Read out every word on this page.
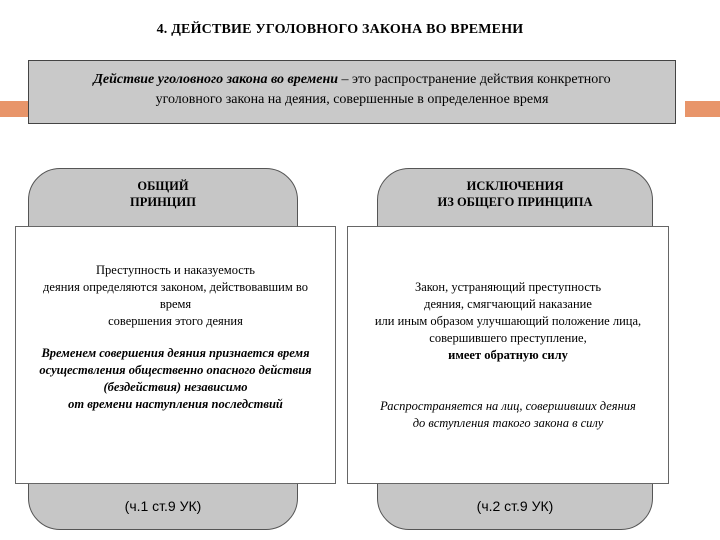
4. ДЕЙСТВИЕ УГОЛОВНОГО ЗАКОНА ВО ВРЕМЕНИ
Действие уголовного закона во времени – это распространение действия конкретного
уголовного закона на деяния, совершенные в определенное время
ОБЩИЙ
ПРИНЦИП
ИСКЛЮЧЕНИЯ
ИЗ ОБЩЕГО ПРИНЦИПА
Преступность и наказуемость
деяния определяются законом, действовавшим во
время
совершения этого деяния
Временем совершения деяния признается время
осуществления общественно опасного действия
(бездействия) независимо
от времени наступления последствий
Закон, устраняющий преступность
деяния, смягчающий наказание
или иным образом улучшающий положение лица,
совершившего преступление,
имеет обратную силу
Распространяется на лиц, совершивших деяния
до вступления такого закона в силу
(ч.1 ст.9 УК)	(ч.2 ст.9 УК)
